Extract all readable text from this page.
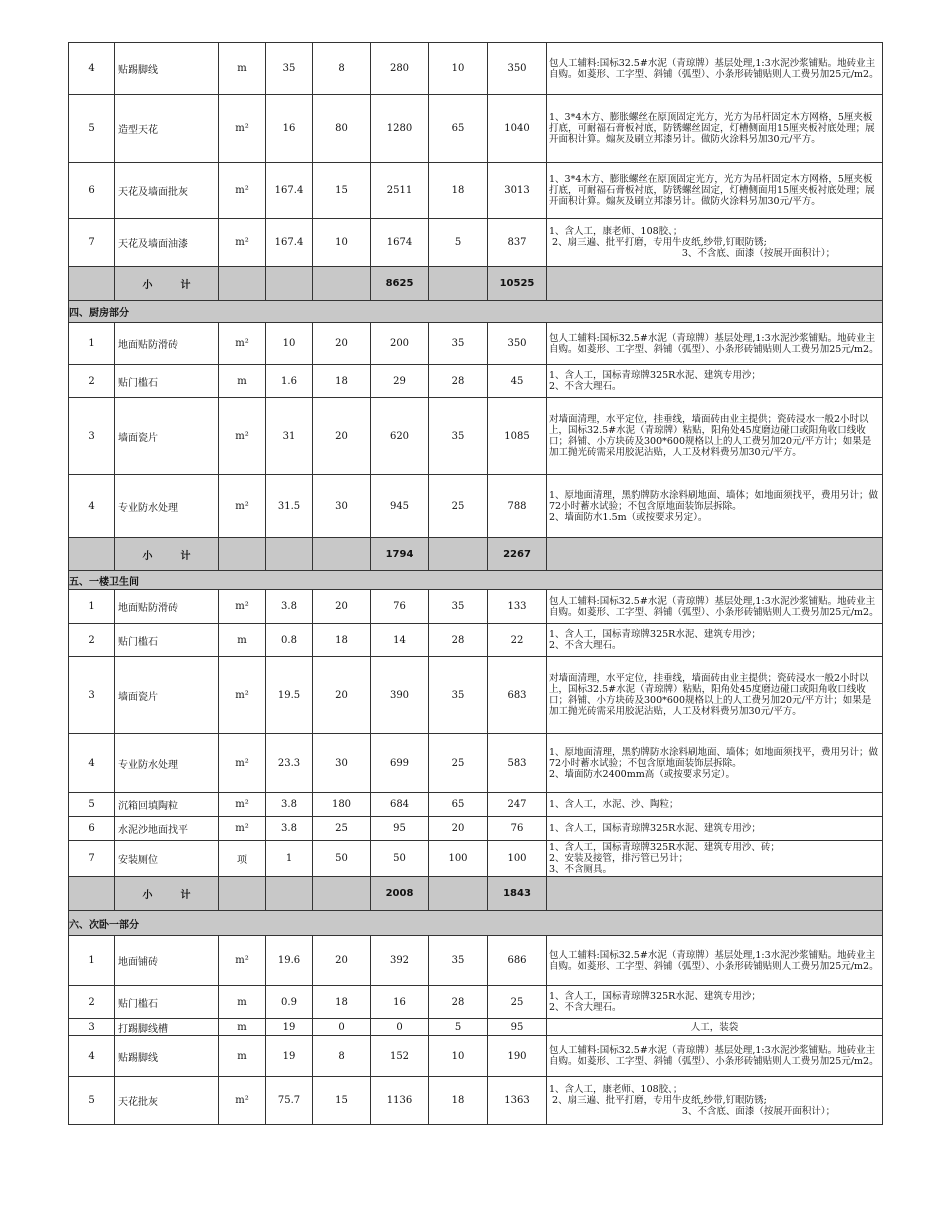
4	贴踢脚线	m	35	8	280	10	350	包人工辅料:国标32.5#水泥（青琼牌）基层处理,1:3水泥沙浆铺贴。地砖业主自购。如菱形、工字型、斜铺（弧型）、小条形砖铺贴则人工费另加25元/m2。
5	造型天花	m²	16	80	1280	65	1040	1、3*4木方、膨胀螺丝在原顶固定光方，光方为吊杆固定木方网格，5厘夹板打底，可耐福石膏板衬底，防锈螺丝固定，灯槽侧面用15厘夹板衬底处理；展开面积计算。煽灰及刷立邦漆另计。做防火涂料另加30元/平方。
6	天花及墙面批灰	m²	167.4	15	2511	18	3013	1、3*4木方、膨胀螺丝在原顶固定光方，光方为吊杆固定木方网格，5厘夹板打底，可耐福石膏板衬底，防锈螺丝固定，灯槽侧面用15厘夹板衬底处理；展开面积计算。煽灰及刷立邦漆另计。做防火涂料另加30元/平方。
7	天花及墙面油漆	m²	167.4	10	1674	5	837	1、含人工，康老师、108胶、；
2、扇三遍、批平打磨，专用牛皮纸,纱带,钉眼防锈;
3、不含底、面漆（按展开面积计）；
	小 计				8625		10525	
四、厨房部分								
1	地面贴防滑砖	m²	10	20	200	35	350	包人工辅料:国标32.5#水泥（青琼牌）基层处理,1:3水泥沙浆铺贴。地砖业主自购。如菱形、工字型、斜铺（弧型）、小条形砖铺贴则人工费另加25元/m2。
2	贴门槛石	m	1.6	18	29	28	45	1、含人工，国标青琼牌325R水泥、建筑专用沙；
2、不含大理石。
3	墙面瓷片	m²	31	20	620	35	1085	对墙面清理，水平定位，挂垂线，墙面砖由业主提供；瓷砖浸水一般2小时以上，国标32.5#水泥（青琼牌）粘贴，阳角处45度磨边碰口或阳角收口线收口；斜铺、小方块砖及300*600规格以上的人工费另加20元/平方计；如果是加工抛光砖需采用胶泥沾贴，人工及材料费另加30元/平方。
4	专业防水处理	m²	31.5	30	945	25	788	1、原地面清理，黑豹牌防水涂料刷地面、墙体；如地面须找平，费用另计；做72小时蓄水试验；不包含原地面装饰层拆除。
2、墙面防水1.5m（或按要求另定）。
	小 计				1794		2267	
五、一楼卫生间								
1	地面贴防滑砖	m²	3.8	20	76	35	133	包人工辅料:国标32.5#水泥（青琼牌）基层处理,1:3水泥沙浆铺贴。地砖业主自购。如菱形、工字型、斜铺（弧型）、小条形砖铺贴则人工费另加25元/m2。
2	贴门槛石	m	0.8	18	14	28	22	1、含人工，国标青琼牌325R水泥、建筑专用沙；
2、不含大理石。
3	墙面瓷片	m²	19.5	20	390	35	683	对墙面清理，水平定位，挂垂线，墙面砖由业主提供；瓷砖浸水一般2小时以上，国标32.5#水泥（青琼牌）粘贴，阳角处45度磨边碰口或阳角收口线收口；斜铺、小方块砖及300*600规格以上的人工费另加20元/平方计；如果是加工抛光砖需采用胶泥沾贴，人工及材料费另加30元/平方。
4	专业防水处理	m²	23.3	30	699	25	583	1、原地面清理，黑豹牌防水涂料刷地面、墙体；如地面须找平，费用另计；做72小时蓄水试验；不包含原地面装饰层拆除。
2、墙面防水2400mm高（或按要求另定）。
5	沉箱回填陶粒	m²	3.8	180	684	65	247	1、含人工，水泥、沙、陶粒；
6	水泥沙地面找平	m²	3.8	25	95	20	76	1、含人工，国标青琼牌325R水泥、建筑专用沙；
7	安装厕位	项	1	50	50	100	100	1、含人工，国标青琼牌325R水泥、建筑专用沙、砖；
2、安装及接管，排污管已另计；
3、不含厕具。
	小 计				2008		1843	
六、次卧一部分								
1	地面铺砖	m²	19.6	20	392	35	686	包人工辅料:国标32.5#水泥（青琼牌）基层处理,1:3水泥沙浆铺贴。地砖业主自购。如菱形、工字型、斜铺（弧型）、小条形砖铺贴则人工费另加25元/m2。
2	贴门槛石	m	0.9	18	16	28	25	1、含人工，国标青琼牌325R水泥、建筑专用沙；
2、不含大理石。
3	打踢脚线槽	m	19	0	0	5	95	人工，装袋
4	贴踢脚线	m	19	8	152	10	190	包人工辅料:国标32.5#水泥（青琼牌）基层处理,1:3水泥沙浆铺贴。地砖业主自购。如菱形、工字型、斜铺（弧型）、小条形砖铺贴则人工费另加25元/m2。
5	天花批灰	m²	75.7	15	1136	18	1363	1、含人工，康老师、108胶、；
2、扇三遍、批平打磨，专用牛皮纸,纱带,钉眼防锈;
3、不含底、面漆（按展开面积计）；
